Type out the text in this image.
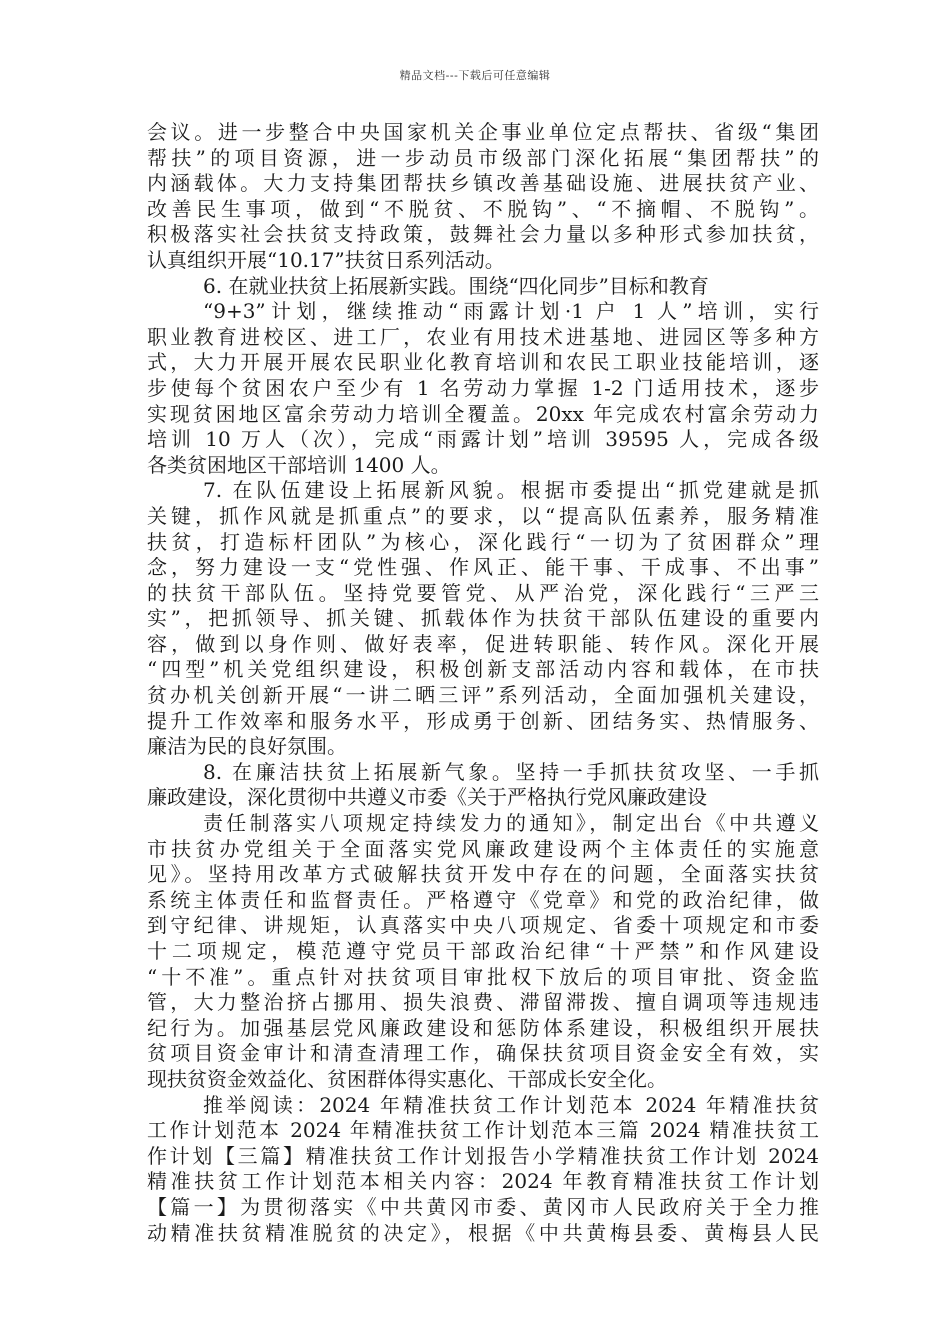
精品文档---下载后可任意编辑
会议。进一步整合中央国家机关企事业单位定点帮扶、省级“集团
帮扶”的项目资源，进一步动员市级部门深化拓展“集团帮扶”的
内涵载体。大力支持集团帮扶乡镇改善基础设施、进展扶贫产业、
改善民生事项，做到“不脱贫、不脱钩”、“不摘帽、不脱钩”。
积极落实社会扶贫支持政策，鼓舞社会力量以多种形式参加扶贫，
认真组织开展“10.17”扶贫日系列活动。
6. 在就业扶贫上拓展新实践。围绕“四化同步”目标和教育
“9+3”计划，继续推动“雨露计划·1 户 1 人”培训，实行
职业教育进校区、进工厂，农业有用技术进基地、进园区等多种方
式，大力开展开展农民职业化教育培训和农民工职业技能培训，逐
步使每个贫困农户至少有 1 名劳动力掌握 1-2 门适用技术，逐步
实现贫困地区富余劳动力培训全覆盖。20xx 年完成农村富余劳动力
培训 10 万人（次），完成“雨露计划”培训 39595 人，完成各级
各类贫困地区干部培训 1400 人。
7. 在队伍建设上拓展新风貌。根据市委提出“抓党建就是抓
关键，抓作风就是抓重点”的要求，以“提高队伍素养，服务精准
扶贫，打造标杆团队”为核心，深化践行“一切为了贫困群众”理
念，努力建设一支“党性强、作风正、能干事、干成事、不出事”
的扶贫干部队伍。坚持党要管党、从严治党，深化践行“三严三
实”，把抓领导、抓关键、抓载体作为扶贫干部队伍建设的重要内
容，做到以身作则、做好表率，促进转职能、转作风。深化开展
“四型”机关党组织建设，积极创新支部活动内容和载体，在市扶
贫办机关创新开展“一讲二晒三评”系列活动，全面加强机关建设，
提升工作效率和服务水平，形成勇于创新、团结务实、热情服务、
廉洁为民的良好氛围。
8. 在廉洁扶贫上拓展新气象。坚持一手抓扶贫攻坚、一手抓
廉政建设，深化贯彻中共遵义市委《关于严格执行党风廉政建设
责任制落实八项规定持续发力的通知》，制定出台《中共遵义
市扶贫办党组关于全面落实党风廉政建设两个主体责任的实施意
见》。坚持用改革方式破解扶贫开发中存在的问题，全面落实扶贫
系统主体责任和监督责任。严格遵守《党章》和党的政治纪律，做
到守纪律、讲规矩，认真落实中央八项规定、省委十项规定和市委
十二项规定，模范遵守党员干部政治纪律“十严禁”和作风建设
“十不准”。重点针对扶贫项目审批权下放后的项目审批、资金监
管，大力整治挤占挪用、损失浪费、滞留滞拨、擅自调项等违规违
纪行为。加强基层党风廉政建设和惩防体系建设，积极组织开展扶
贫项目资金审计和清查清理工作，确保扶贫项目资金安全有效，实
现扶贫资金效益化、贫困群体得实惠化、干部成长安全化。
推举阅读：2024 年精准扶贫工作计划范本 2024 年精准扶贫
工作计划范本 2024 年精准扶贫工作计划范本三篇 2024 精准扶贫工
作计划【三篇】精准扶贫工作计划报告小学精准扶贫工作计划 2024
精准扶贫工作计划范本相关内容：2024 年教育精准扶贫工作计划
【篇一】为贯彻落实《中共黄冈市委、黄冈市人民政府关于全力推
动精准扶贫精准脱贫的决定》，根据《中共黄梅县委、黄梅县人民
